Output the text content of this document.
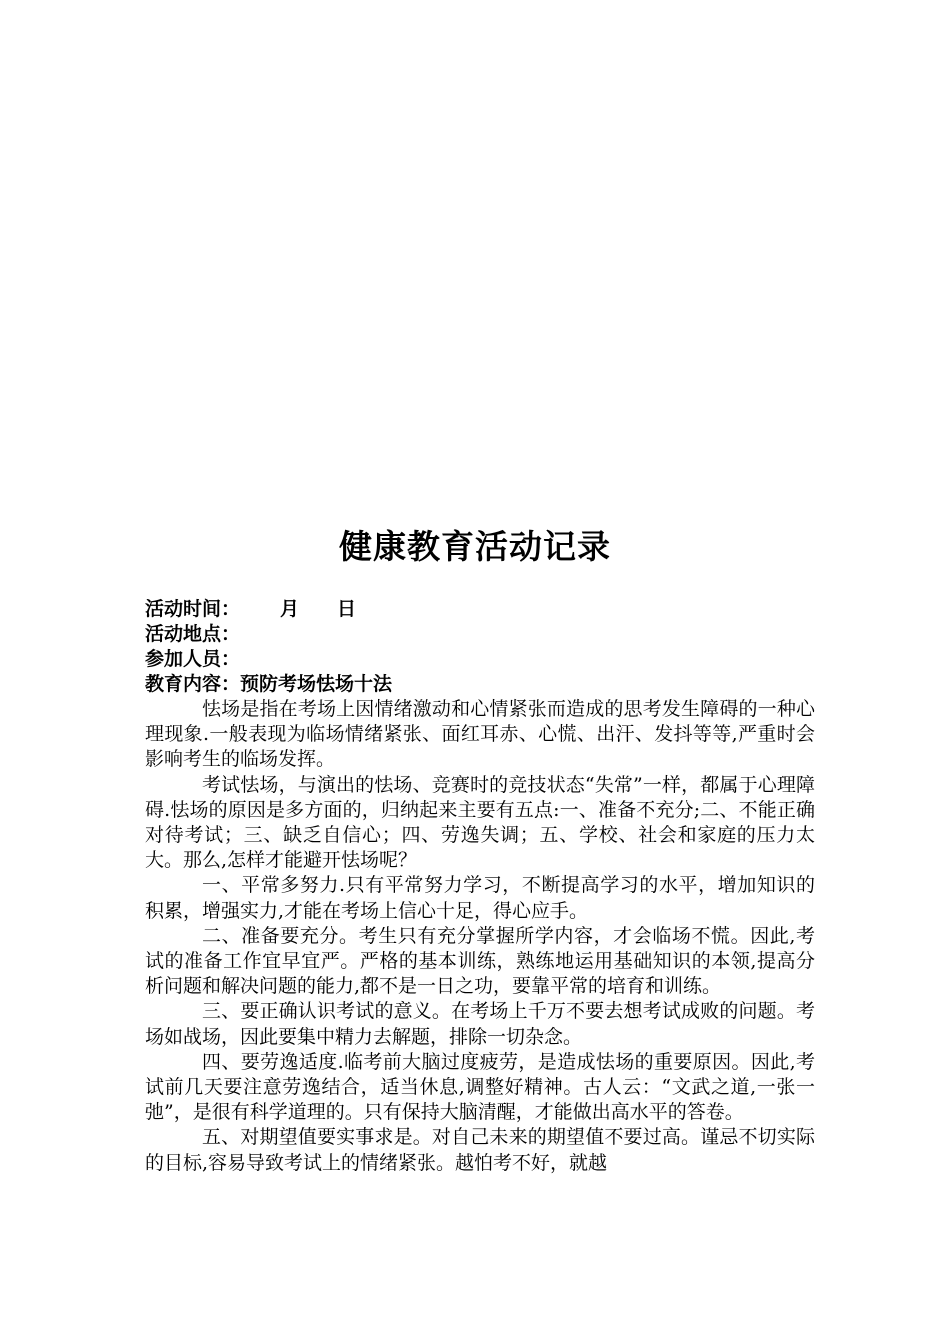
健康教育活动记录
活动时间： 月 日
活动地点：
参加人员：
教育内容：预防考场怯场十法

怯场是指在考场上因情绪激动和心情紧张而造成的思考发生障碍的一种心理现象.一般表现为临场情绪紧张、面红耳赤、心慌、出汗、发抖等等,严重时会影响考生的临场发挥。

考试怯场，与演出的怯场、竞赛时的竞技状态“失常”一样，都属于心理障碍.怯场的原因是多方面的，归纳起来主要有五点:一、准备不充分;二、不能正确对待考试；三、缺乏自信心；四、劳逸失调；五、学校、社会和家庭的压力太大。那么,怎样才能避开怯场呢？

一、平常多努力.只有平常努力学习，不断提高学习的水平，增加知识的积累，增强实力,才能在考场上信心十足，得心应手。

二、准备要充分。考生只有充分掌握所学内容，才会临场不慌。因此,考试的准备工作宜早宜严。严格的基本训练，熟练地运用基础知识的本领,提高分析问题和解决问题的能力,都不是一日之功，要靠平常的培育和训练。

三、要正确认识考试的意义。在考场上千万不要去想考试成败的问题。考场如战场，因此要集中精力去解题，排除一切杂念。

四、要劳逸适度.临考前大脑过度疲劳，是造成怯场的重要原因。因此,考试前几天要注意劳逸结合，适当休息,调整好精神。古人云：“文武之道,一张一弛”，是很有科学道理的。只有保持大脑清醒，才能做出高水平的答卷。

五、对期望值要实事求是。对自己未来的期望值不要过高。谨忌不切实际的目标,容易导致考试上的情绪紧张。越怕考不好，就越
